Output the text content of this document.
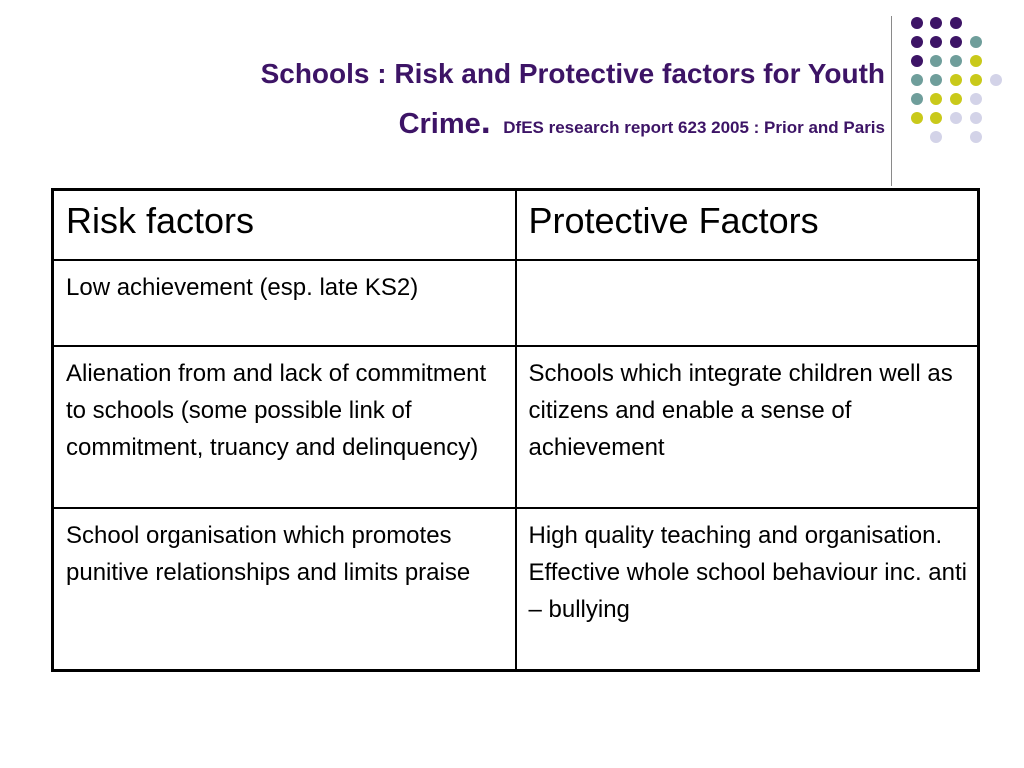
Schools : Risk and Protective factors for Youth
Crime. DfES research report 623 2005 : Prior and Paris
Risk factors	Protective Factors
Low achievement (esp. late KS2)	
Alienation from and lack of commitment to schools (some possible link of commitment, truancy and delinquency)	Schools which integrate children well as citizens and enable a sense of achievement
School organisation which promotes punitive relationships and limits praise	High quality teaching and organisation. Effective whole school behaviour inc. anti – bullying
